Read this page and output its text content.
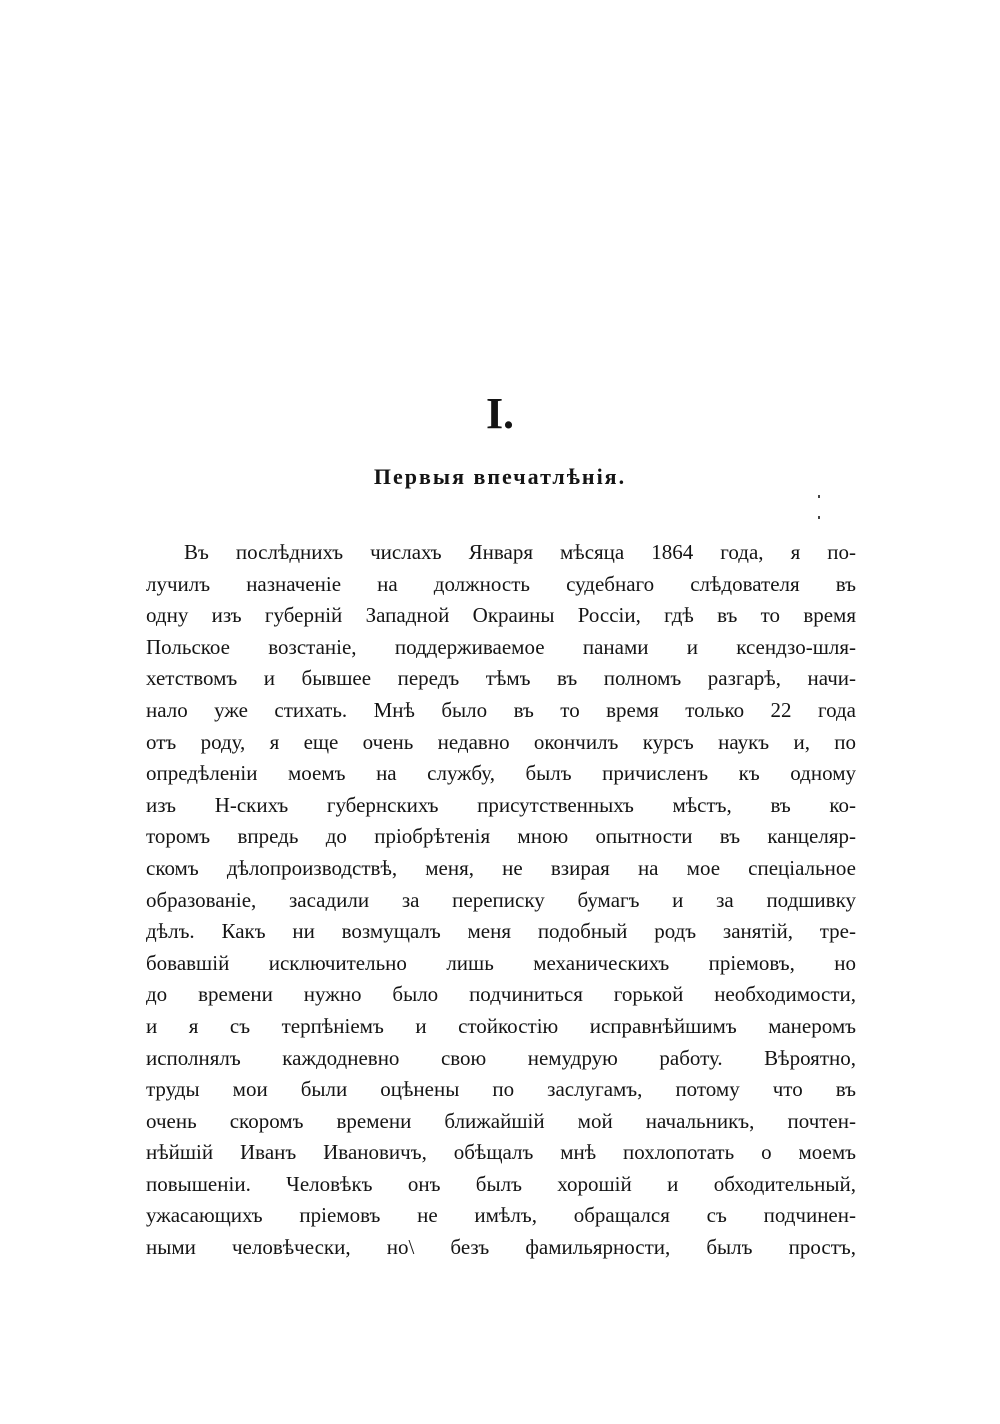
I.
Первыя впечатлѣнія.
Въ послѣднихъ числахъ Января мѣсяца 1864 года, я по-
лучилъ назначеніе на должность судебнаго слѣдователя въ
одну изъ губерній Западной Окраины Россіи, гдѣ въ то время
Польское возстаніе, поддерживаемое панами и ксендзо-шля-
хетствомъ и бывшее передъ тѣмъ въ полномъ разгарѣ, начи-
нало уже стихать. Мнѣ было въ то время только 22 года
отъ роду, я еще очень недавно окончилъ курсъ наукъ и, по
опредѣленіи моемъ на службу, былъ причисленъ къ одному
изъ Н-скихъ губернскихъ присутственныхъ мѣстъ, въ ко-
торомъ впредь до пріобрѣтенія мною опытности въ канцеляр-
скомъ дѣлопроизводствѣ, меня, не взирая на мое спеціальное
образованіе, засадили за переписку бумагъ и за подшивку
дѣлъ. Какъ ни возмущалъ меня подобный родъ занятій, тре-
бовавшій исключительно лишь механическихъ пріемовъ, но
до времени нужно было подчиниться горькой необходимости,
и я съ терпѣніемъ и стойкостію исправнѣйшимъ манеромъ
исполнялъ каждодневно свою немудрую работу. Вѣроятно,
труды мои были оцѣнены по заслугамъ, потому что въ
очень скоромъ времени ближайшій мой начальникъ, почтен-
нѣйшій Иванъ Ивановичъ, обѣщалъ мнѣ похлопотать о моемъ
повышеніи. Человѣкъ онъ былъ хорошій и обходительный,
ужасающихъ пріемовъ не имѣлъ, обращался съ подчинен-
ными человѣчески, но\ безъ фамильярности, былъ простъ,
